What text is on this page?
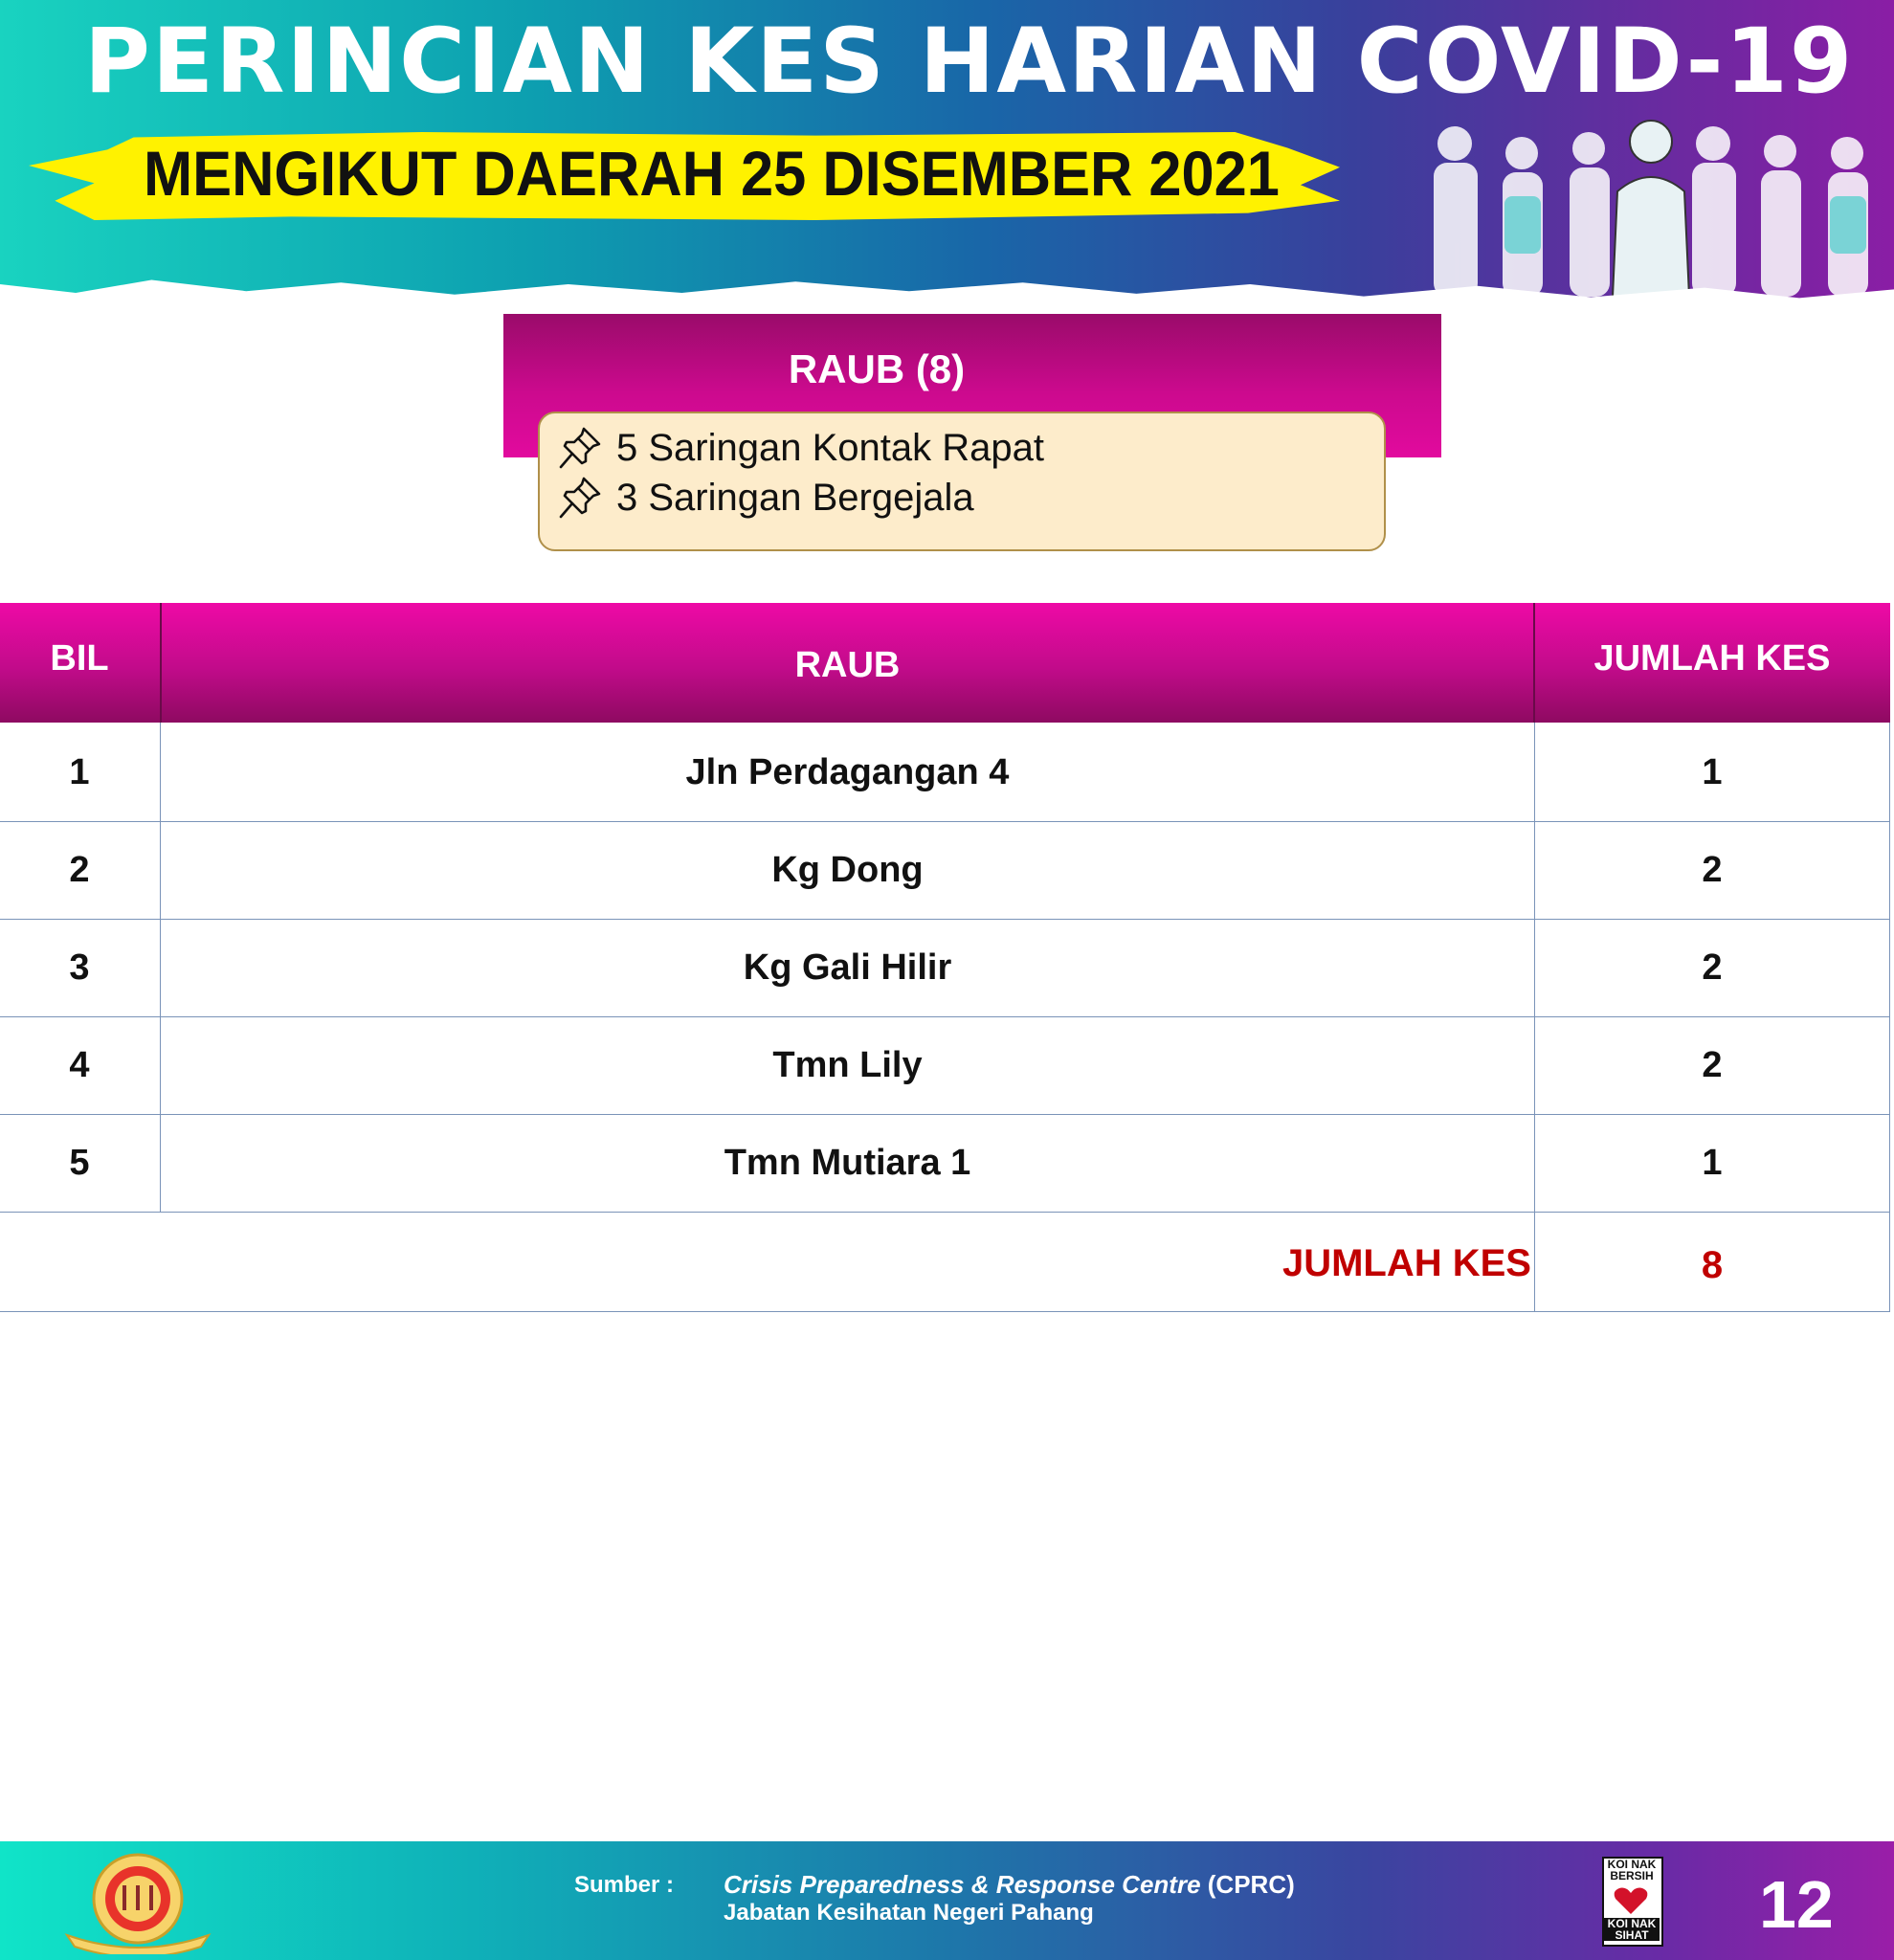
PERINCIAN KES HARIAN COVID-19
MENGIKUT DAERAH 25 DISEMBER 2021
RAUB (8)
5 Saringan Kontak Rapat
3 Saringan Bergejala
BIL	RAUB	JUMLAH KES
1	Jln Perdagangan 4	1
2	Kg Dong	2
3	Kg Gali Hilir	2
4	Tmn Lily	2
5	Tmn Mutiara 1	1
JUMLAH KES	8
Sumber : Crisis Preparedness & Response Centre (CPRC)
Jabatan Kesihatan Negeri Pahang
KOI NAK BERSIH
KOI NAK SIHAT 12
